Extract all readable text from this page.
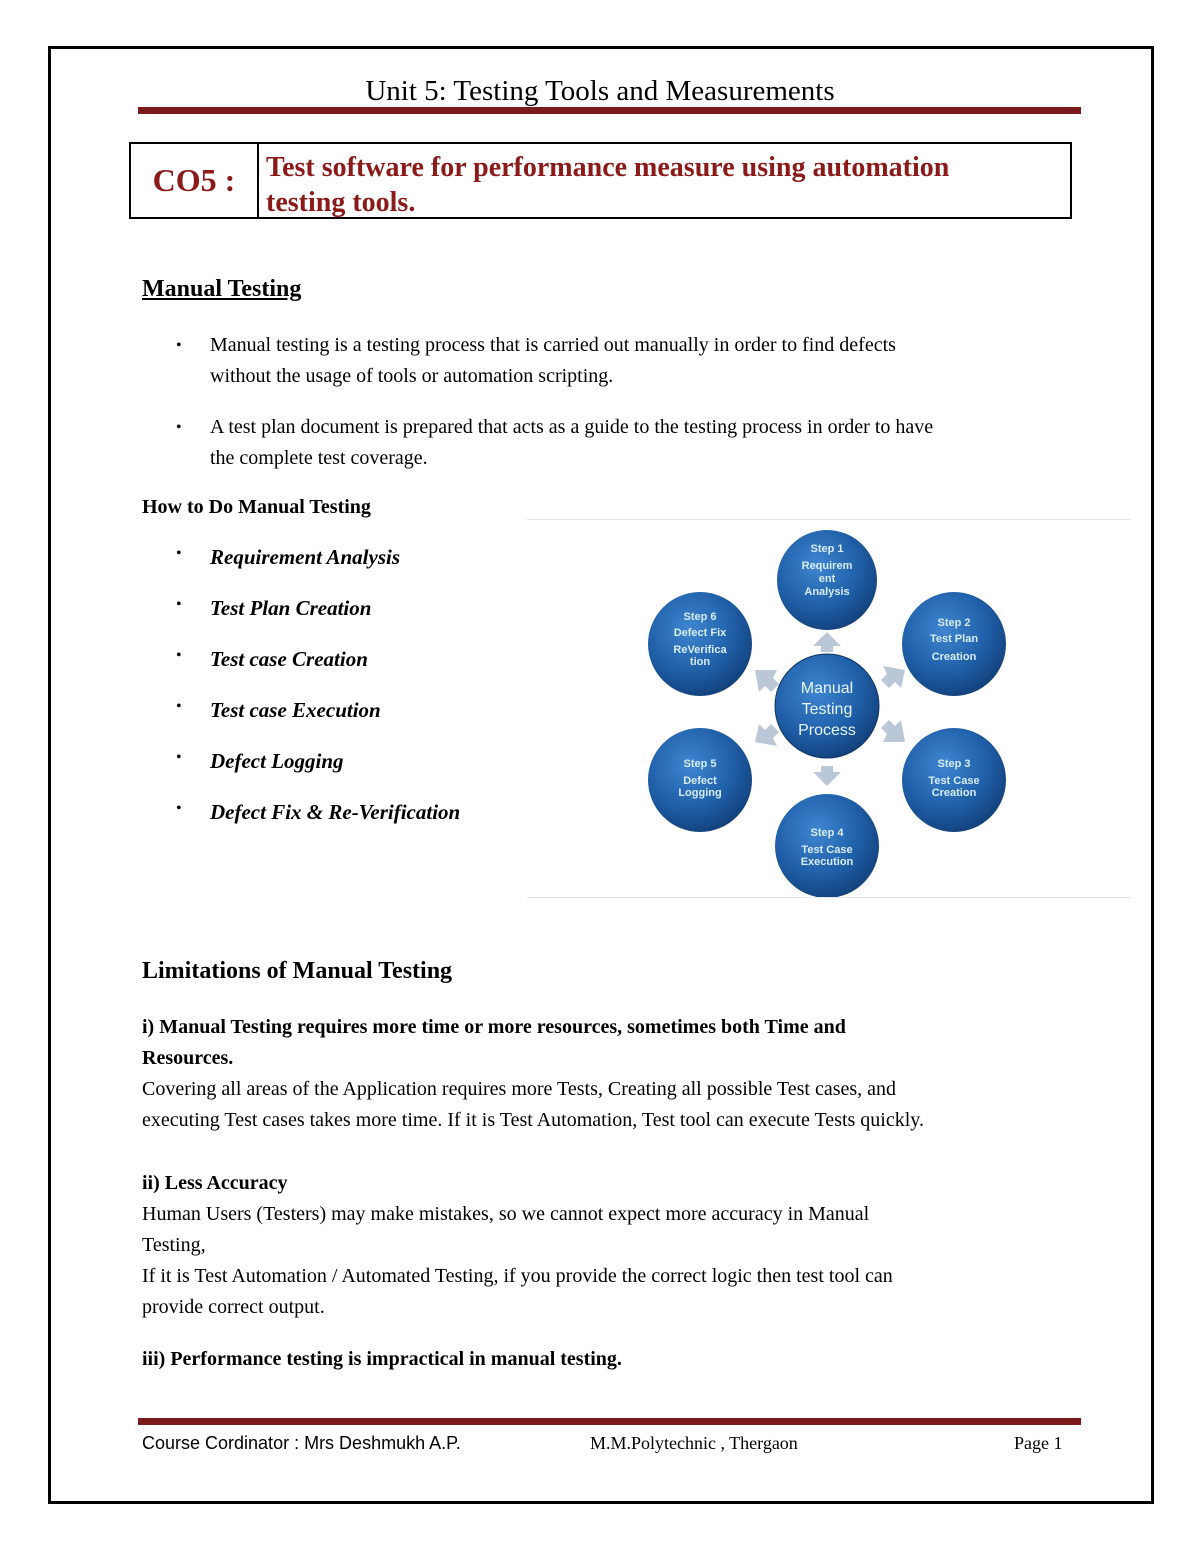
Unit 5: Testing Tools and Measurements
CO5 :	Test software for performance measure using automation
testing tools.
Manual Testing
•	Manual testing is a testing process that is carried out manually in order to find defects
without the usage of tools or automation scripting.
•	A test plan document is prepared that acts as a guide to the testing process in order to have
the complete test coverage.
How to Do Manual Testing
•	Requirement Analysis
•	Test Plan Creation
•	Test case Creation
•	Test case Execution
•	Defect Logging
•	Defect Fix & Re-Verification
Manual
Testing
Process
Step 1
Requirem
ent
Analysis
Step 2
Test Plan
Creation
Step 3
Test Case
Creation
Step 4
Test Case
Execution
Step 5
Defect
Logging
Step 6
Defect Fix
ReVerifica
tion
Limitations of Manual Testing
i) Manual Testing requires more time or more resources, sometimes both Time and
Resources.
Covering all areas of the Application requires more Tests, Creating all possible Test cases, and
executing Test cases takes more time. If it is Test Automation, Test tool can execute Tests quickly.
ii) Less Accuracy
Human Users (Testers) may make mistakes, so we cannot expect more accuracy in Manual
Testing,
If it is Test Automation / Automated Testing, if you provide the correct logic then test tool can
provide correct output.
iii) Performance testing is impractical in manual testing.
Course Cordinator : Mrs Deshmukh A.P.	M.M.Polytechnic , Thergaon	Page 1
